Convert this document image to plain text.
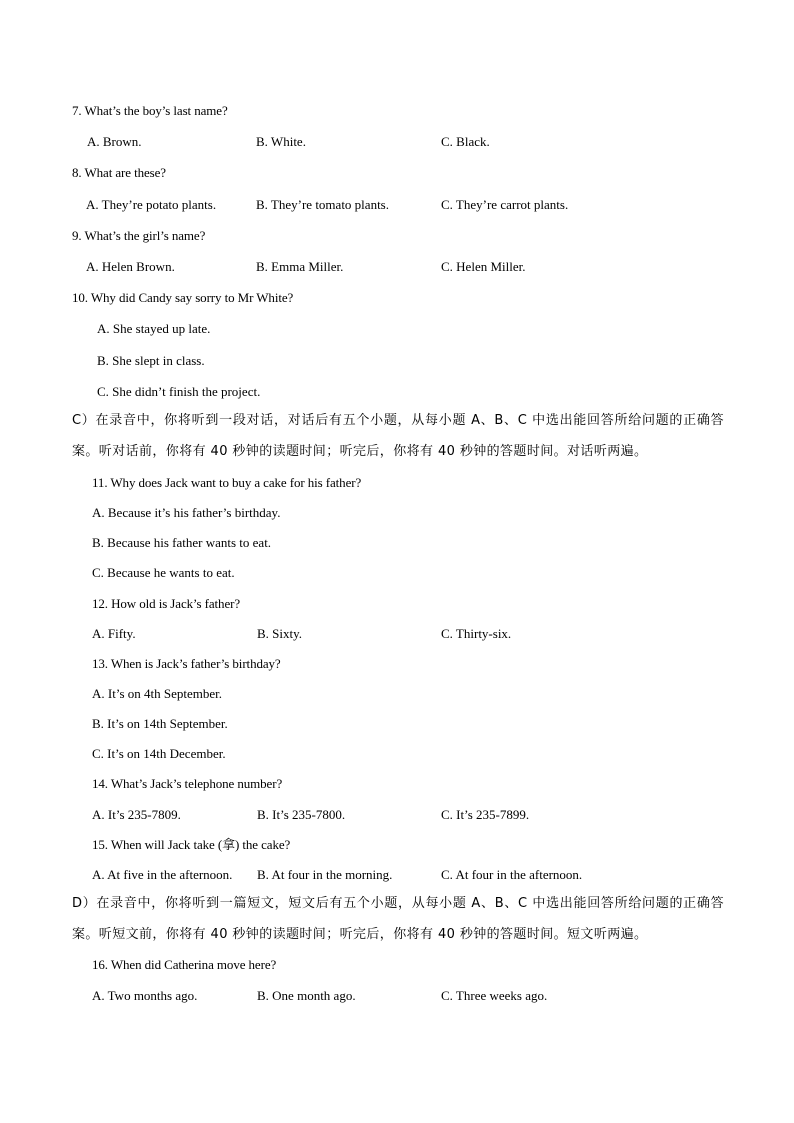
7. What’s the boy’s last name?
A. Brown.	B. White.	C. Black.
8. What are these?
A. They’re potato plants.	B. They’re tomato plants.	C. They’re carrot plants.
9. What’s the girl’s name?
A. Helen Brown.	B. Emma Miller.	C. Helen Miller.
10. Why did Candy say sorry to Mr White?
A. She stayed up late.
B. She slept in class.
C. She didn’t finish the project.
C）在录音中，你将听到一段对话，对话后有五个小题，从每小题 A、B、C 中选出能回答所给问题的正确答案。听对话前，你将有 40 秒钟的读题时间；听完后，你将有 40 秒钟的答题时间。对话听两遍。
11. Why does Jack want to buy a cake for his father?
A. Because it’s his father’s birthday.
B. Because his father wants to eat.
C. Because he wants to eat.
12. How old is Jack’s father?
A. Fifty.	B. Sixty.	C. Thirty-six.
13. When is Jack’s father’s birthday?
A. It’s on 4th September.
B. It’s on 14th September.
C. It’s on 14th December.
14. What’s Jack’s telephone number?
A. It’s 235-7809.	B. It’s 235-7800.	C. It’s 235-7899.
15. When will Jack take (拿) the cake?
A. At five in the afternoon. B. At four in the morning.	C. At four in the afternoon.
D）在录音中，你将听到一篇短文，短文后有五个小题，从每小题 A、B、C 中选出能回答所给问题的正确答案。听短文前，你将有 40 秒钟的读题时间；听完后，你将有 40 秒钟的答题时间。短文听两遍。
16. When did Catherina move here?
A. Two months ago.	B. One month ago.	C. Three weeks ago.
